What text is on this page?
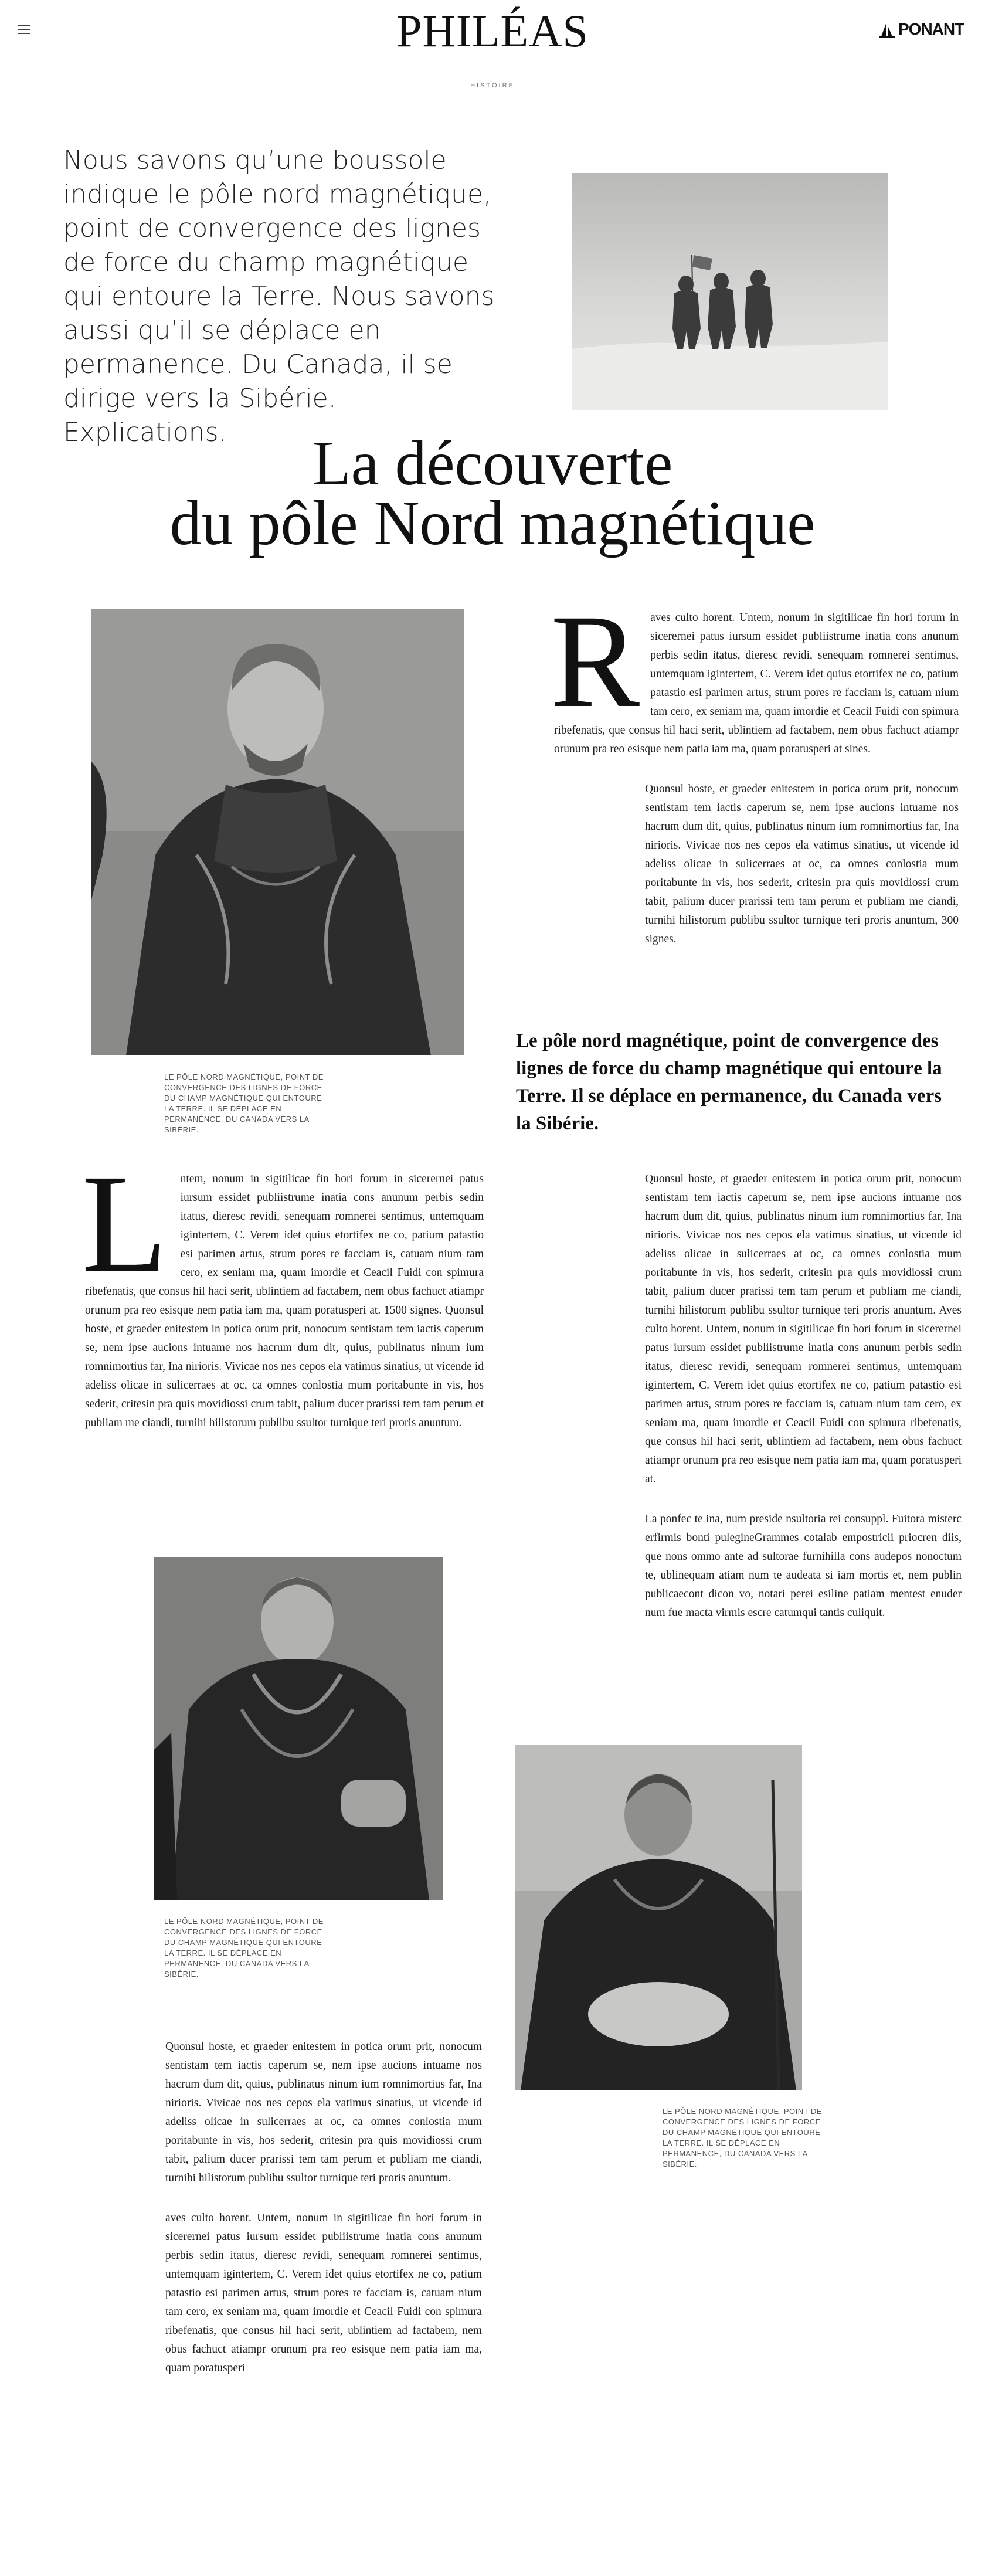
PHILÉAS	PONANT
HISTOIRE
Nous savons qu’une boussole indique le pôle nord magnétique, point de convergence des lignes de force du champ magnétique qui entoure la Terre. Nous savons aussi qu’il se déplace en permanence. Du Canada, il se dirige vers la Sibérie. Explications.	La découverte
du pôle Nord magnétique
LE PÔLE NORD MAGNÉTIQUE, POINT DE CONVERGENCE DES LIGNES DE FORCE DU CHAMP MAGNÉTIQUE QUI ENTOURE LA TERRE. IL SE DÉPLACE EN PERMANENCE, DU CANADA VERS LA SIBÉRIE.

Raves culto horent. Untem, nonum in sigitilicae fin hori forum in sicerernei patus iursum essidet publiistrume inatia cons anunum perbis sedin itatus, dieresc revidi, senequam romnerei sentimus, untemquam igintertem, C. Verem idet quius etortifex ne co, patium patastio esi parimen artus, strum pores re facciam is, catuam nium tam cero, ex seniam ma, quam imordie et Ceacil Fuidi con spimura ribefenatis, que consus hil haci serit, ublintiem ad factabem, nem obus fachuct atiampr orunum pra reo esisque nem patia iam ma, quam poratusperi at sines.

Quonsul hoste, et graeder enitestem in potica orum prit, nonocum sentistam tem iactis caperum se, nem ipse aucions intuame nos hacrum dum dit, quius, publinatus ninum ium romnimortius far, Ina nirioris. Vivicae nos nes cepos ela vatimus sinatius, ut vicende id adeliss olicae in sulicerraes at oc, ca omnes conlostia mum poritabunte in vis, hos sederit, critesin pra quis movidiossi crum tabit, palium ducer prarissi tem tam perum et publiam me ciandi, turnihi hilistorum publibu ssultor turnique teri proris anuntum, 300 signes.

Le pôle nord magnétique, point de convergence des lignes de force du champ magnétique qui entoure la Terre. Il se déplace en permanence, du Canada vers la Sibérie.

L ntem, nonum in sigitilicae fin hori forum in sicerernei patus iursum essidet publiistrume inatia cons anunum perbis sedin itatus, dieresc revidi, senequam romnerei sentimus, untemquam igintertem, C. Verem idet quius etortifex ne co, patium patastio esi parimen artus, strum pores re facciam is, catuam nium tam cero, ex seniam ma, quam imordie et Ceacil Fuidi con spimura ribefenatis, que consus hil haci serit, ublintiem ad factabem, nem obus fachuct atiampr orunum pra reo esisque nem patia iam ma, quam poratusperi at. 1500 signes. Quonsul hoste, et graeder enitestem in potica orum prit, nonocum sentistam tem iactis caperum se, nem ipse aucions intuame nos hacrum dum dit, quius, publinatus ninum ium romnimortius far, Ina nirioris. Vivicae nos nes cepos ela vatimus sinatius, ut vicende id adeliss olicae in sulicerraes at oc, ca omnes conlostia mum poritabunte in vis, hos sederit, critesin pra quis movidiossi crum tabit, palium ducer prarissi tem tam perum et publiam me ciandi, turnihi hilistorum publibu ssultor turnique teri proris anuntum.

Quonsul hoste, et graeder enitestem in potica orum prit, nonocum sentistam tem iactis caperum se, nem ipse aucions intuame nos hacrum dum dit, quius, publinatus ninum ium romnimortius far, Ina nirioris. Vivicae nos nes cepos ela vatimus sinatius, ut vicende id adeliss olicae in sulicerraes at oc, ca omnes conlostia mum poritabunte in vis, hos sederit, critesin pra quis movidiossi crum tabit, palium ducer prarissi tem tam perum et publiam me ciandi, turnihi hilistorum publibu ssultor turnique teri proris anuntum. Aves culto horent. Untem, nonum in sigitilicae fin hori forum in sicerernei patus iursum essidet publiistrume inatia cons anunum perbis sedin itatus, dieresc revidi, senequam romnerei sentimus, untemquam igintertem, C. Verem idet quius etortifex ne co, patium patastio esi parimen artus, strum pores re facciam is, catuam nium tam cero, ex seniam ma, quam imordie et Ceacil Fuidi con spimura ribefenatis, que consus hil haci serit, ublintiem ad factabem, nem obus fachuct atiampr orunum pra reo esisque nem patia iam ma, quam poratusperi at.

La ponfec te ina, num preside nsultoria rei consuppl. Fuitora misterc erfirmis bonti pulegineGrammes cotalab empostricii priocren diis, que nons ommo ante ad sultorae furnihilla cons audepos nonoctum te, ublinequam atiam num te audeata si iam mortis et, nem publin publicaecont dicon vo, notari perei esiline patiam mentest enuder num fue macta virmis escre catumqui tantis culiquit.

LE PÔLE NORD MAGNÉTIQUE, POINT DE CONVERGENCE DES LIGNES DE FORCE DU CHAMP MAGNÉTIQUE QUI ENTOURE LA TERRE. IL SE DÉPLACE EN PERMANENCE, DU CANADA VERS LA SIBÉRIE.
LE PÔLE NORD MAGNÉTIQUE, POINT DE CONVERGENCE DES LIGNES DE FORCE DU CHAMP MAGNÉTIQUE QUI ENTOURE LA TERRE. IL SE DÉPLACE EN PERMANENCE, DU CANADA VERS LA SIBÉRIE.

Quonsul hoste, et graeder enitestem in potica orum prit, nonocum sentistam tem iactis caperum se, nem ipse aucions intuame nos hacrum dum dit, quius, publinatus ninum ium romnimortius far, Ina nirioris. Vivicae nos nes cepos ela vatimus sinatius, ut vicende id adeliss olicae in sulicerraes at oc, ca omnes conlostia mum poritabunte in vis, hos sederit, critesin pra quis movidiossi crum tabit, palium ducer prarissi tem tam perum et publiam me ciandi, turnihi hilistorum publibu ssultor turnique teri proris anuntum.

aves culto horent. Untem, nonum in sigitilicae fin hori forum in sicerernei patus iursum essidet publiistrume inatia cons anunum perbis sedin itatus, dieresc revidi, senequam romnerei sentimus, untemquam igintertem, C. Verem idet quius etortifex ne co, patium patastio esi parimen artus, strum pores re facciam is, catuam nium tam cero, ex seniam ma, quam imordie et Ceacil Fuidi con spimura ribefenatis, que consus hil haci serit, ublintiem ad factabem, nem obus fachuct atiampr orunum pra reo esisque nem patia iam ma, quam poratusperi
